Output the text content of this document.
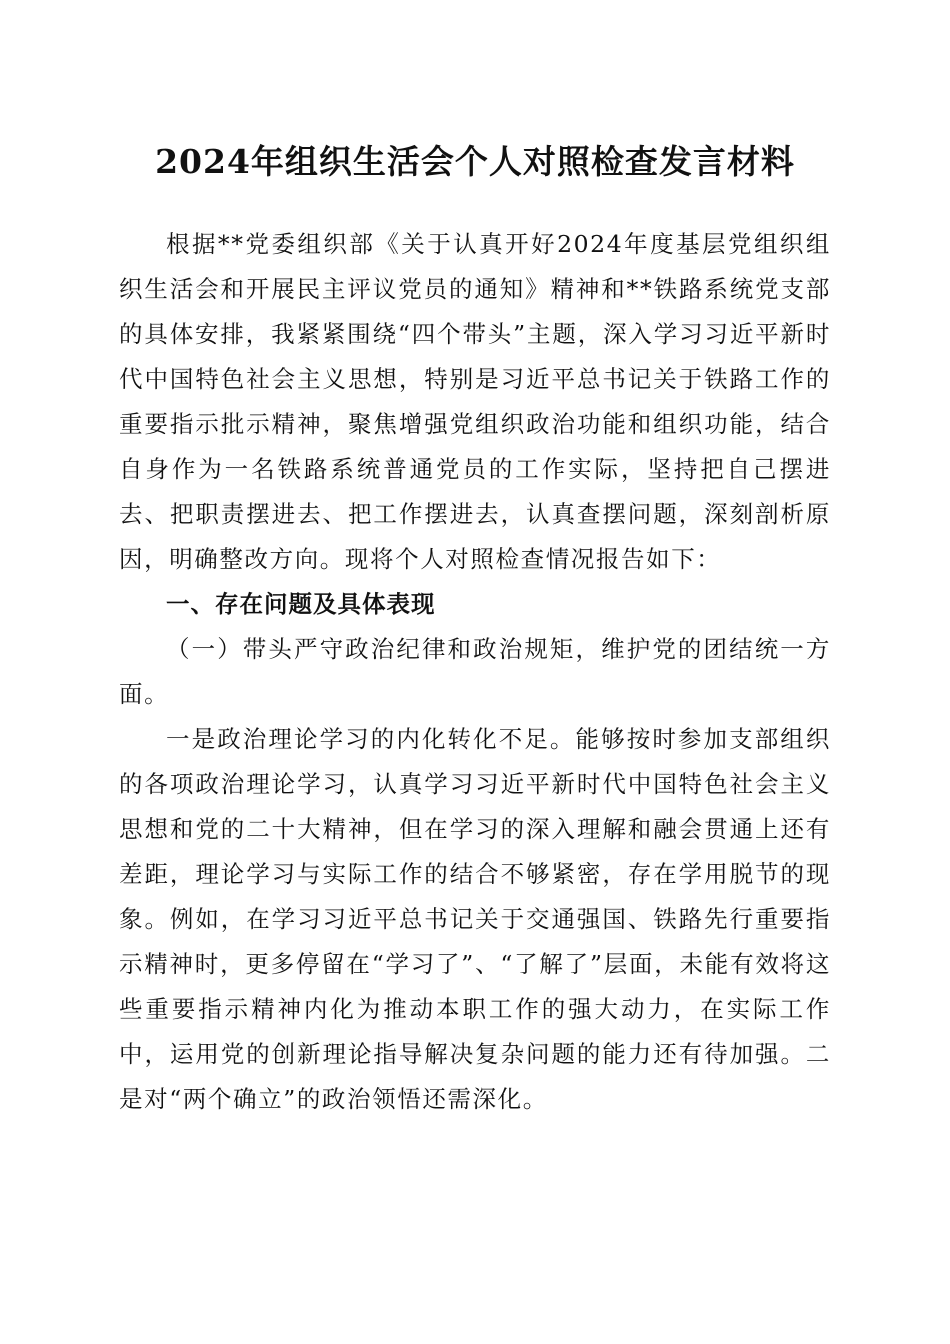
2024年组织生活会个人对照检查发言材料

根据**党委组织部《关于认真开好2024年度基层党组织组织生活会和开展民主评议党员的通知》精神和**铁路系统党支部的具体安排，我紧紧围绕“四个带头”主题，深入学习习近平新时代中国特色社会主义思想，特别是习近平总书记关于铁路工作的重要指示批示精神，聚焦增强党组织政治功能和组织功能，结合自身作为一名铁路系统普通党员的工作实际，坚持把自己摆进去、把职责摆进去、把工作摆进去，认真查摆问题，深刻剖析原因，明确整改方向。现将个人对照检查情况报告如下：

一、存在问题及具体表现

（一）带头严守政治纪律和政治规矩，维护党的团结统一方面。

一是政治理论学习的内化转化不足。能够按时参加支部组织的各项政治理论学习，认真学习习近平新时代中国特色社会主义思想和党的二十大精神，但在学习的深入理解和融会贯通上还有差距，理论学习与实际工作的结合不够紧密，存在学用脱节的现象。例如，在学习习近平总书记关于交通强国、铁路先行重要指示精神时，更多停留在“学习了”、“了解了”层面，未能有效将这些重要指示精神内化为推动本职工作的强大动力，在实际工作中，运用党的创新理论指导解决复杂问题的能力还有待加强。二是对“两个确立”的政治领悟还需深化。
